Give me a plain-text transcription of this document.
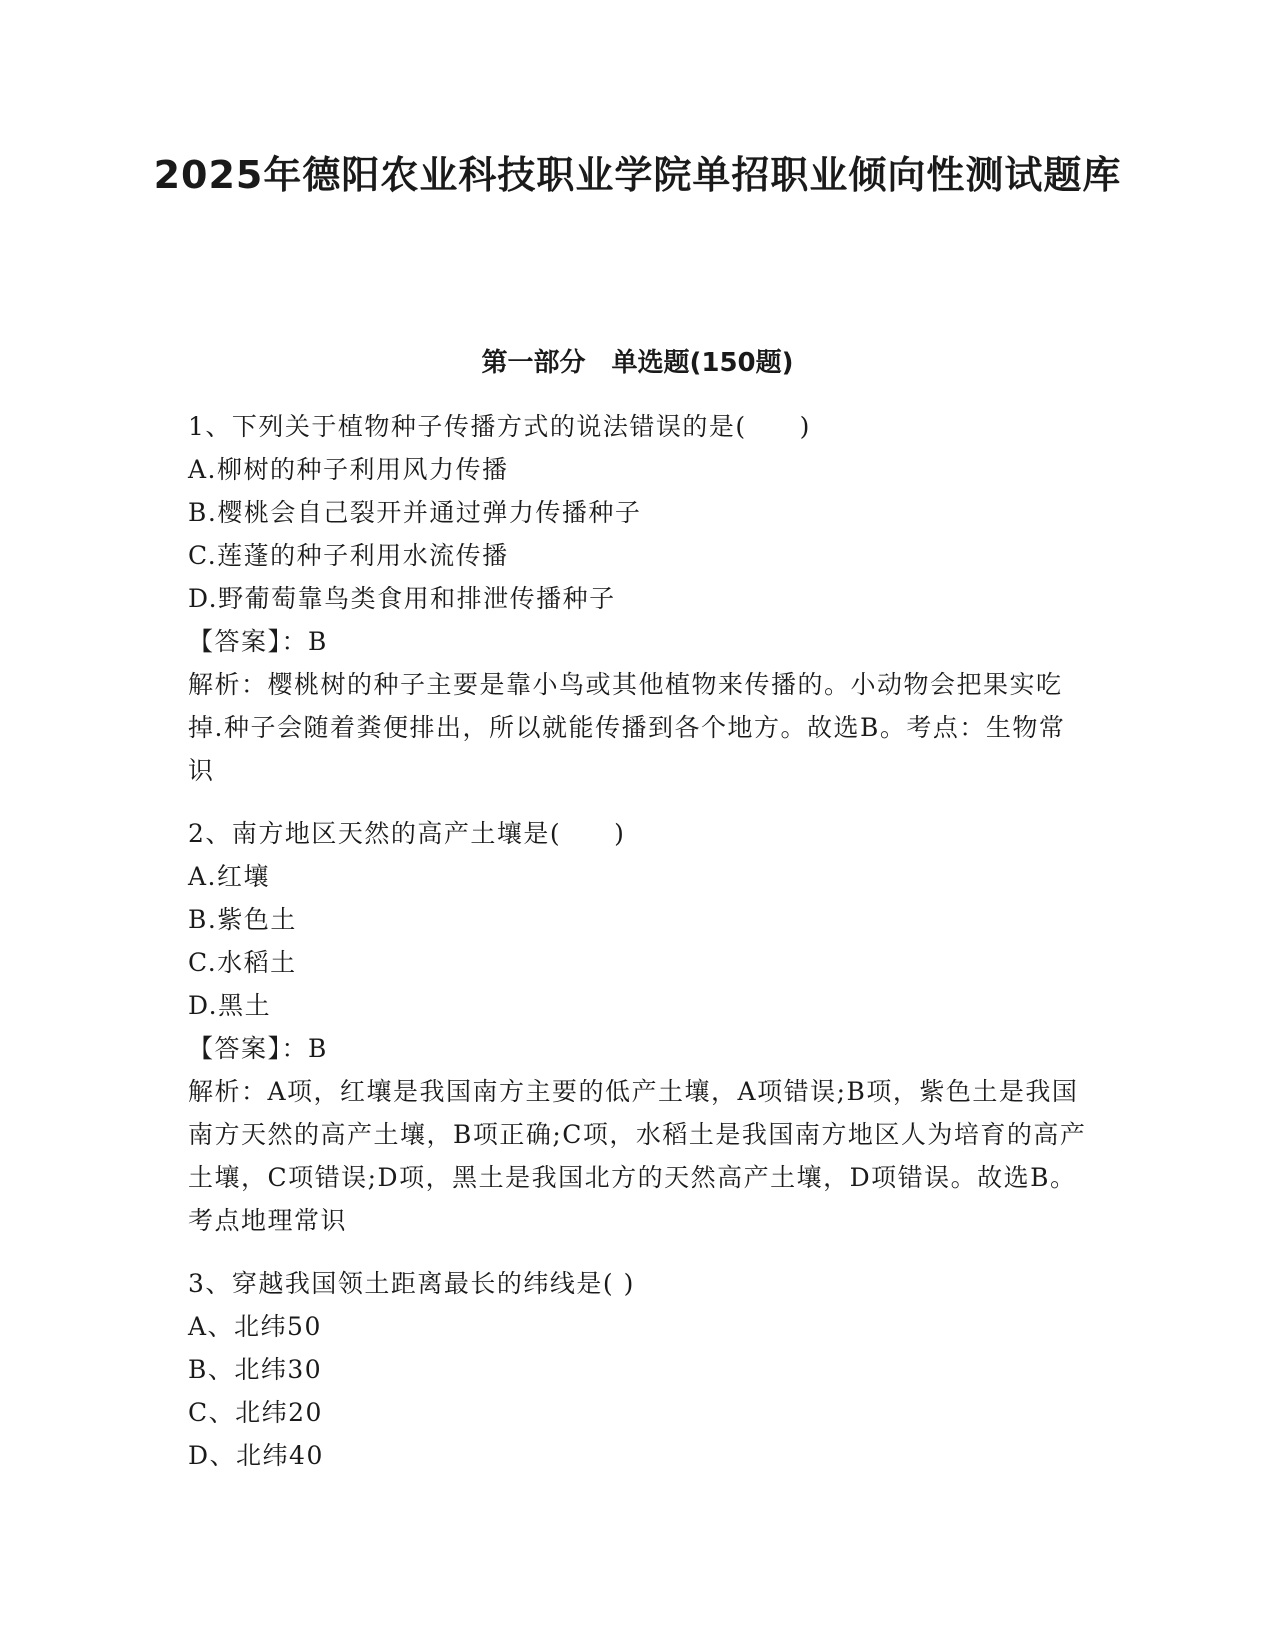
2025年德阳农业科技职业学院单招职业倾向性测试题库
第一部分　单选题(150题)
1、下列关于植物种子传播方式的说法错误的是(　　)
A.柳树的种子利用风力传播
B.樱桃会自己裂开并通过弹力传播种子
C.莲蓬的种子利用水流传播
D.野葡萄靠鸟类食用和排泄传播种子
【答案】：B
解析：樱桃树的种子主要是靠小鸟或其他植物来传播的。小动物会把果实吃掉.种子会随着粪便排出，所以就能传播到各个地方。故选B。考点：生物常识
2、南方地区天然的高产土壤是(　　)
A.红壤
B.紫色土
C.水稻土
D.黑土
【答案】：B
解析：A项，红壤是我国南方主要的低产土壤，A项错误;B项，紫色土是我国南方天然的高产土壤，B项正确;C项，水稻土是我国南方地区人为培育的高产土壤，C项错误;D项，黑土是我国北方的天然高产土壤，D项错误。故选B。考点地理常识
3、穿越我国领土距离最长的纬线是( )
A、北纬50
B、北纬30
C、北纬20
D、北纬40
